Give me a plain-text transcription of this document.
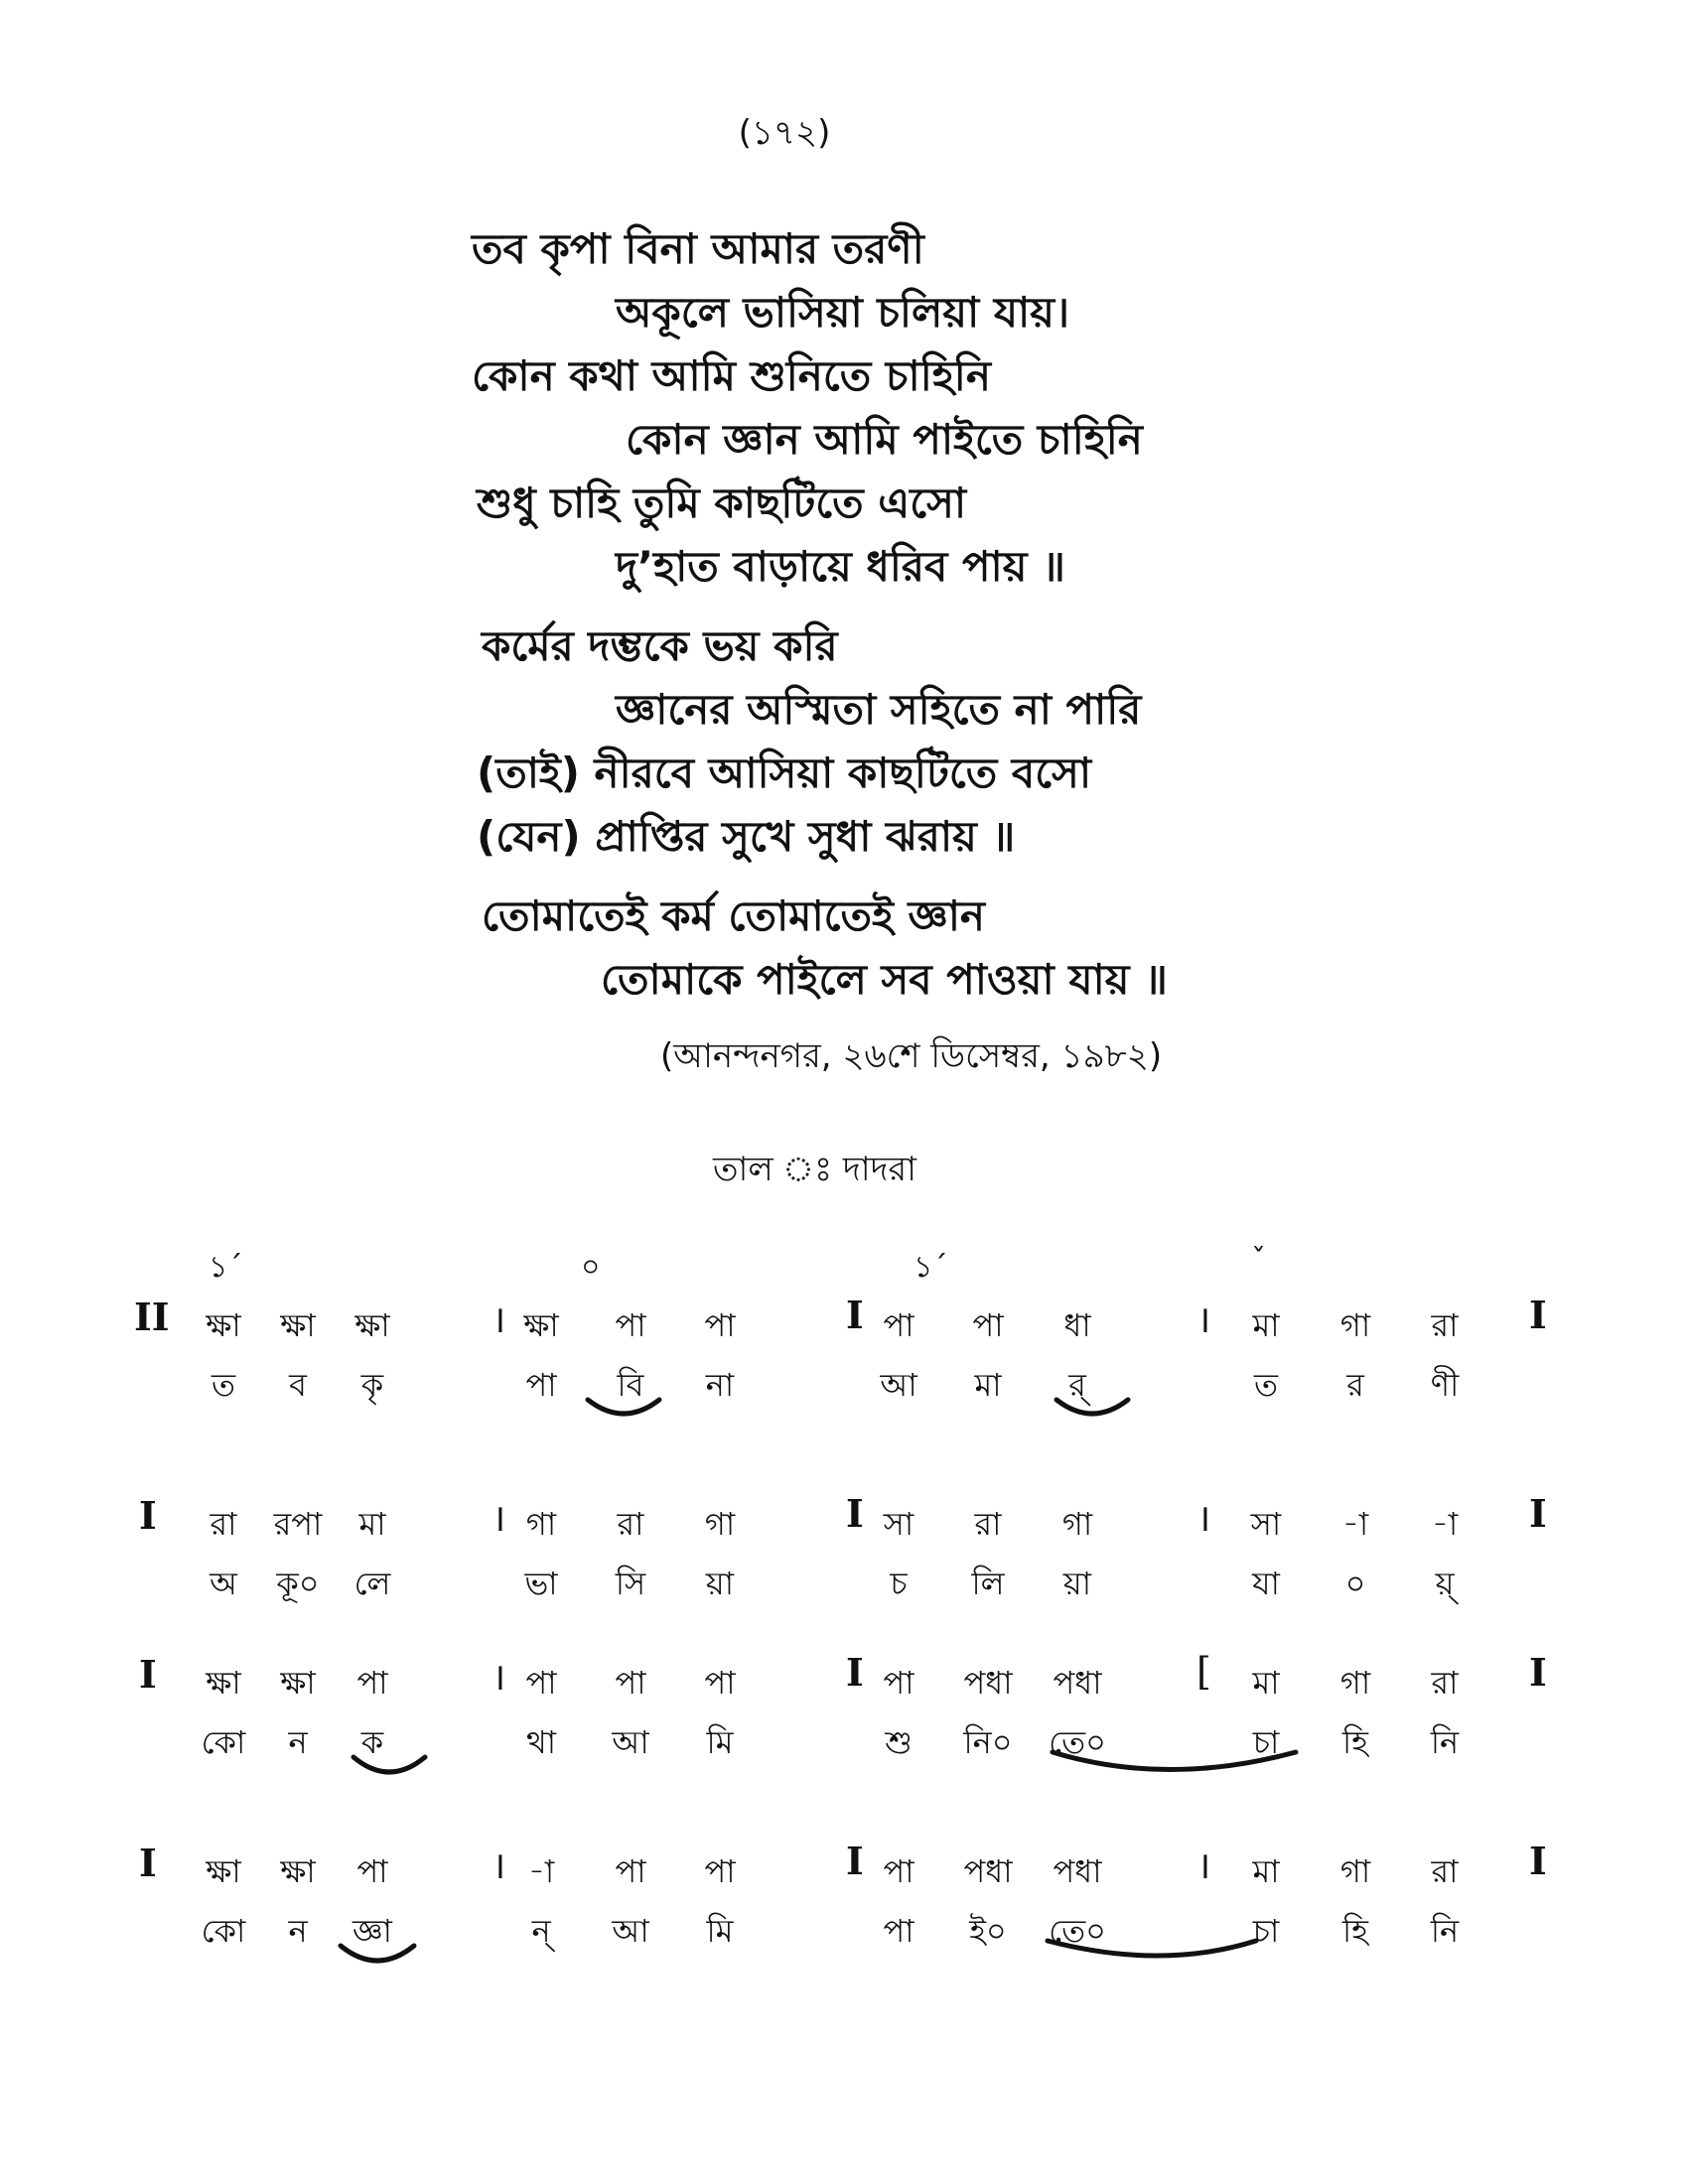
(১৭২)
তব কৃপা বিনা আমার তরণী
অকূলে ভাসিয়া চলিয়া যায়।
কোন কথা আমি শুনিতে চাহিনি
কোন জ্ঞান আমি পাইতে চাহিনি
শুধু চাহি তুমি কাছটিতে এসো
দু’হাত বাড়ায়ে ধরিব পায় ॥
কর্মের দম্ভকে ভয় করি
জ্ঞানের অস্মিতা সহিতে না পারি
(তাই) নীরবে আসিয়া কাছটিতে বসো
(যেন) প্রাপ্তির সুখে সুধা ঝরায় ॥
তোমাতেই কর্ম তোমাতেই জ্ঞান
তোমাকে পাইলে সব পাওয়া যায় ॥
(আনন্দনগর, ২৬শে ডিসেম্বর, ১৯৮২)
তাল ঃ দাদরা
১´	০	১´	ˇ
II	।	I	।	I
ক্ষা	ক্ষা	ক্ষা	ক্ষা	পা	পা	পা	পা	ধা	মা	গা	রা
ত	ব	কৃ	পা	বি	না	আ	মা	র্	ত	র	ণী
I	।	I	।	I
রা	রপা	মা	গা	রা	গা	সা	রা	গা	সা	-া	-া
অ	কূ০	লে	ভা	সি	য়া	চ	লি	য়া	যা	০	য়্
I	।	I	[	I
ক্ষা	ক্ষা	পা	পা	পা	পা	পা	পধা	পধা	মা	গা	রা
কো	ন	ক	থা	আ	মি	শু	নি০	তে০	চা	হি	নি
I	।	I	।	I
ক্ষা	ক্ষা	পা	-া	পা	পা	পা	পধা	পধা	মা	গা	রা
কো	ন	জ্ঞা	ন্	আ	মি	পা	ই০	তে০	চা	হি	নি
